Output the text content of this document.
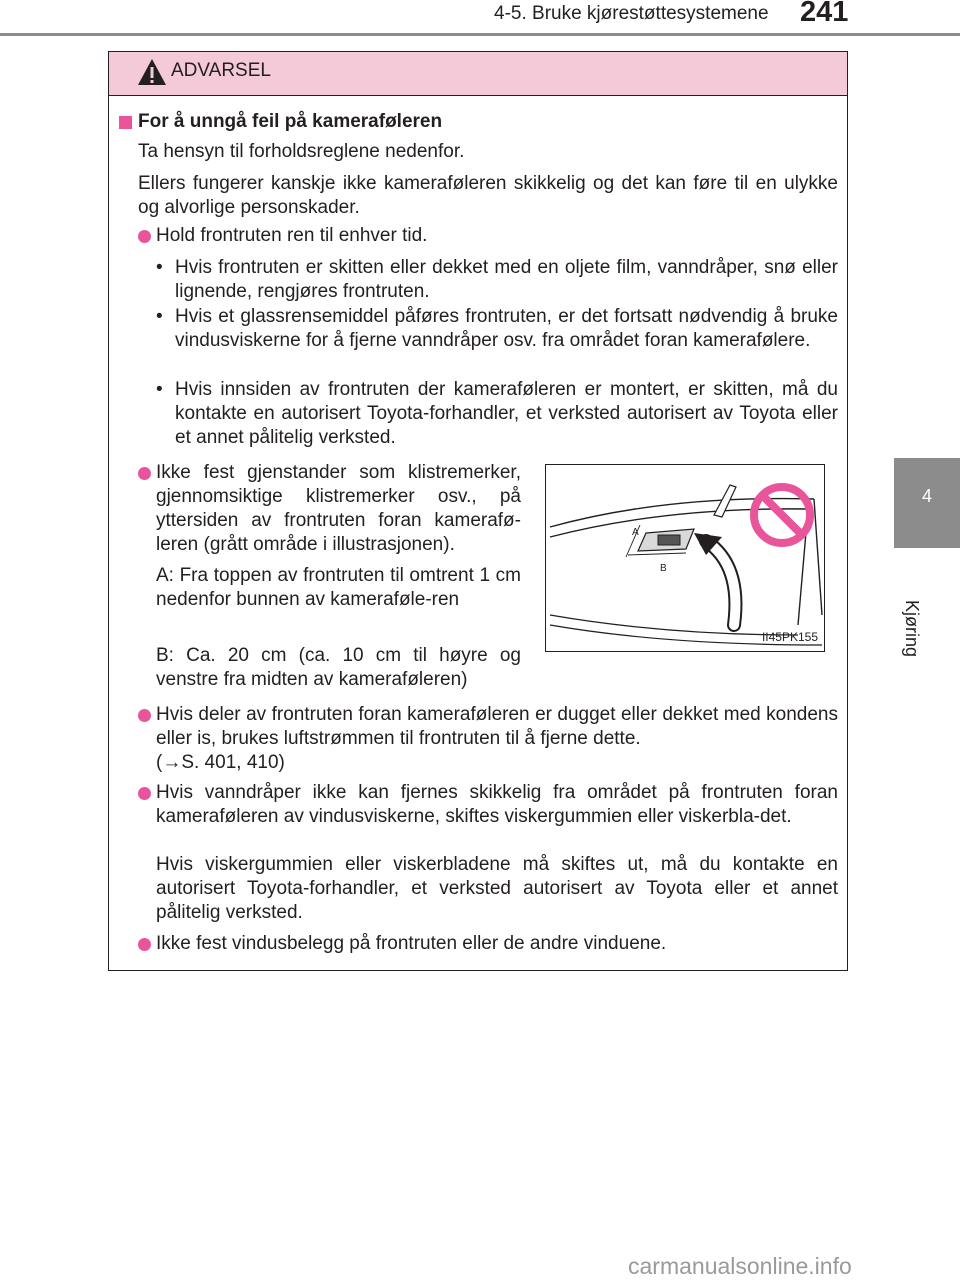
4-5. Bruke kjørestøttesystemene 241
4
Kjøring
ADVARSEL
For å unngå feil på kameraføleren
Ta hensyn til forholdsreglene nedenfor.
Ellers fungerer kanskje ikke kameraføleren skikkelig og det kan føre til en ulykke og alvorlige personskader.
Hold frontruten ren til enhver tid.
• Hvis frontruten er skitten eller dekket med en oljete film, vanndråper, snø eller lignende, rengjøres frontruten.
• Hvis et glassrensemiddel påføres frontruten, er det fortsatt nødvendig å bruke vindusviskerne for å fjerne vanndråper osv. fra området foran kamerafølere.
• Hvis innsiden av frontruten der kameraføleren er montert, er skitten, må du kontakte en autorisert Toyota-forhandler, et verksted autorisert av Toyota eller et annet pålitelig verksted.
Ikke fest gjenstander som klistremerker, gjennomsiktige klistremerker osv., på yttersiden av frontruten foran kamerafø-leren (grått område i illustrasjonen).
A: Fra toppen av frontruten til omtrent 1 cm nedenfor bunnen av kameraføle-ren
B: Ca. 20 cm (ca. 10 cm til høyre og venstre fra midten av kameraføleren)
A
B
II45PK155
Hvis deler av frontruten foran kameraføleren er dugget eller dekket med kondens eller is, brukes luftstrømmen til frontruten til å fjerne dette.
(→S. 401, 410)
Hvis vanndråper ikke kan fjernes skikkelig fra området på frontruten foran kameraføleren av vindusviskerne, skiftes viskergummien eller viskerbla-det.
Hvis viskergummien eller viskerbladene må skiftes ut, må du kontakte en autorisert Toyota-forhandler, et verksted autorisert av Toyota eller et annet pålitelig verksted.
Ikke fest vindusbelegg på frontruten eller de andre vinduene.
carmanualsonline.info
